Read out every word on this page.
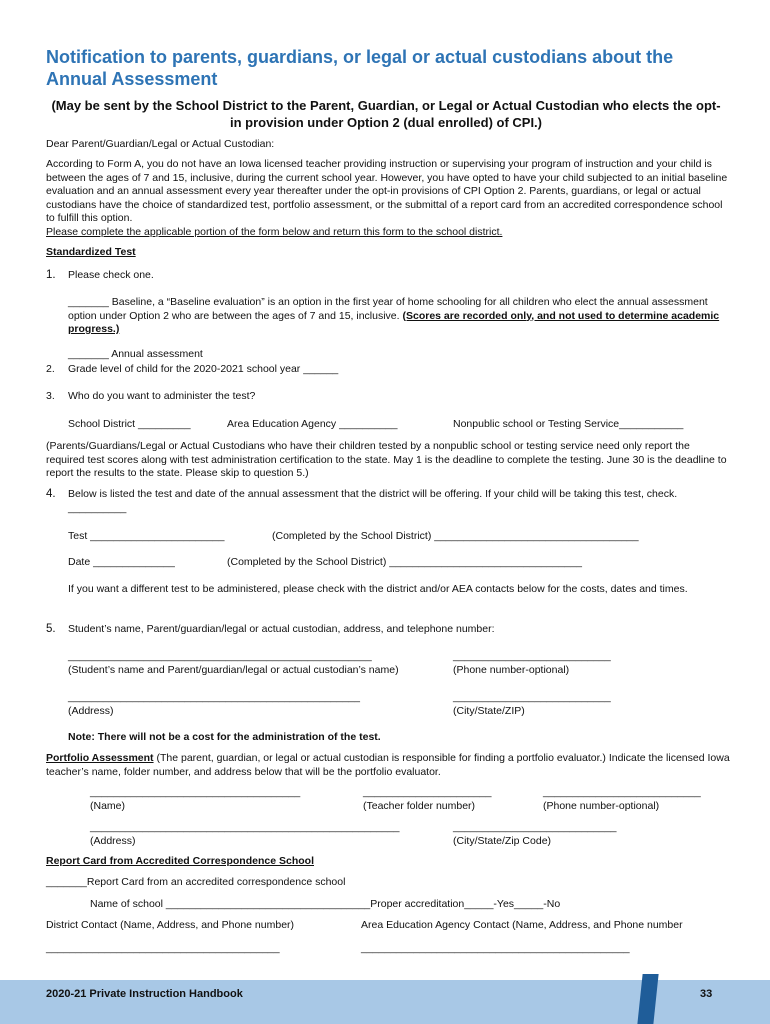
Notification to parents, guardians, or legal or actual custodians about the Annual Assessment
(May be sent by the School District to the Parent, Guardian, or Legal or Actual Custodian who elects the opt-in provision under Option 2 (dual enrolled) of CPI.)
Dear Parent/Guardian/Legal or Actual Custodian:
According to Form A, you do not have an Iowa licensed teacher providing instruction or supervising your program of instruction and your child is between the ages of 7 and 15, inclusive, during the current school year. However, you have opted to have your child subjected to an initial baseline evaluation and an annual assessment every year thereafter under the opt-in provisions of CPI Option 2. Parents, guardians, or legal or actual custodians have the choice of standardized test, portfolio assessment, or the submittal of a report card from an accredited correspondence school to fulfill this option.
Please complete the applicable portion of the form below and return this form to the school district.
Standardized Test
1. Please check one.
_______ Baseline, a “Baseline evaluation” is an option in the first year of home schooling for all children who elect the annual assessment option under Option 2 who are between the ages of 7 and 15, inclusive. (Scores are recorded only, and not used to determine academic progress.)
_______ Annual assessment
2. Grade level of child for the 2020-2021 school year ______
3. Who do you want to administer the test?
School District _________	Area Education Agency __________	Nonpublic school or Testing Service___________
(Parents/Guardians/Legal or Actual Custodians who have their children tested by a nonpublic school or testing service need only report the required test scores along with test administration certification to the state. May 1 is the deadline to complete the testing. June 30 is the deadline to report the results to the state. Please skip to question 5.)
4. Below is listed the test and date of the annual assessment that the district will be offering. If your child will be taking this test, check. __________
Test _______________________	(Completed by the School District) ___________________________________
Date ______________	(Completed by the School District) _________________________________
If you want a different test to be administered, please check with the district and/or AEA contacts below for the costs, dates and times.
5. Student’s name, Parent/guardian/legal or actual custodian, address, and telephone number:
____________________________________________________	___________________________
(Student’s name and Parent/guardian/legal or actual custodian’s name)	(Phone number-optional)
__________________________________________________	___________________________
(Address)	(City/State/ZIP)
Note: There will not be a cost for the administration of the test.
Portfolio Assessment (The parent, guardian, or legal or actual custodian is responsible for finding a portfolio evaluator.) Indicate the licensed Iowa teacher’s name, folder number, and address below that will be the portfolio evaluator.
____________________________________	______________________	___________________________
(Name)	(Teacher folder number)	(Phone number-optional)
_____________________________________________________	____________________________
(Address)	(City/State/Zip Code)
Report Card from Accredited Correspondence School
_______Report Card from an accredited correspondence school
Name of school ___________________________________Proper accreditation_____-Yes_____-No
District Contact (Name, Address, and Phone number)	Area Education Agency Contact (Name, Address, and Phone number
________________________________________	______________________________________________
2020-21 Private Instruction Handbook	33
